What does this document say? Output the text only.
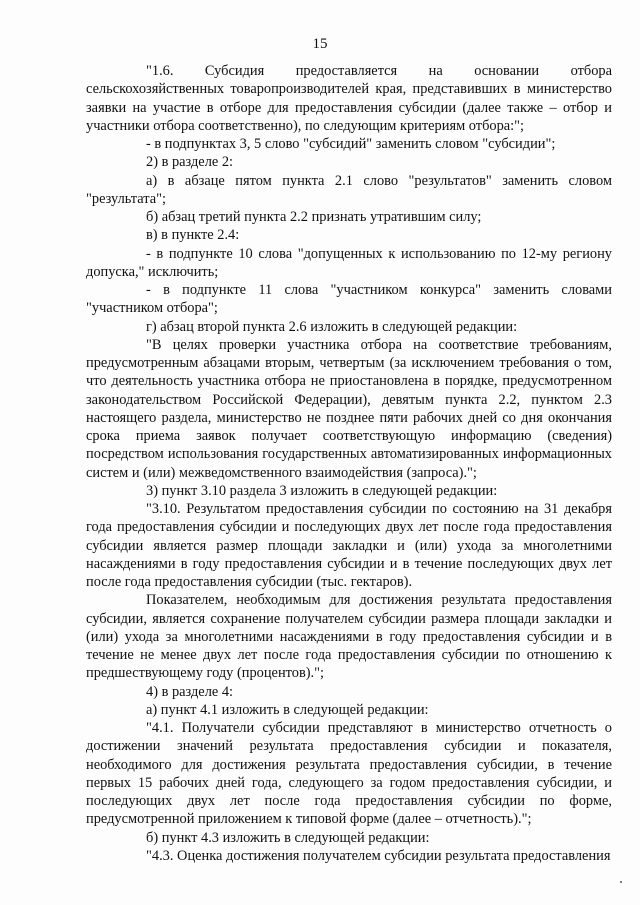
15

"1.6. Субсидия предоставляется на основании отбора сельскохозяйственных товаропроизводителей края, представивших в министерство заявки на участие в отборе для предоставления субсидии (далее также – отбор и участники отбора соответственно), по следующим критериям отбора:";

- в подпунктах 3, 5 слово "субсидий" заменить словом "субсидии";

2) в разделе 2:

а) в абзаце пятом пункта 2.1 слово "результатов" заменить словом "результата";

б) абзац третий пункта 2.2 признать утратившим силу;

в) в пункте 2.4:

- в подпункте 10 слова "допущенных к использованию по 12-му региону допуска," исключить;

- в подпункте 11 слова "участником конкурса" заменить словами "участником отбора";

г) абзац второй пункта 2.6 изложить в следующей редакции:

"В целях проверки участника отбора на соответствие требованиям, предусмотренным абзацами вторым, четвертым (за исключением требования о том, что деятельность участника отбора не приостановлена в порядке, предусмотренном законодательством Российской Федерации), девятым пункта 2.2, пунктом 2.3 настоящего раздела, министерство не позднее пяти рабочих дней со дня окончания срока приема заявок получает соответствующую информацию (сведения) посредством использования государственных автоматизированных информационных систем и (или) межведомственного взаимодействия (запроса).";

3) пункт 3.10 раздела 3 изложить в следующей редакции:

"3.10. Результатом предоставления субсидии по состоянию на 31 декабря года предоставления субсидии и последующих двух лет после года предоставления субсидии является размер площади закладки и (или) ухода за многолетними насаждениями в году предоставления субсидии и в течение последующих двух лет после года предоставления субсидии (тыс. гектаров).

Показателем, необходимым для достижения результата предоставления субсидии, является сохранение получателем субсидии размера площади закладки и (или) ухода за многолетними насаждениями в году предоставления субсидии и в течение не менее двух лет после года предоставления субсидии по отношению к предшествующему году (процентов).";

4) в разделе 4:

а) пункт 4.1 изложить в следующей редакции:

"4.1. Получатели субсидии представляют в министерство отчетность о достижении значений результата предоставления субсидии и показателя, необходимого для достижения результата предоставления субсидии, в течение первых 15 рабочих дней года, следующего за годом предоставления субсидии, и последующих двух лет после года предоставления субсидии по форме, предусмотренной приложением к типовой форме (далее – отчетность).";

б) пункт 4.3 изложить в следующей редакции:

"4.3. Оценка достижения получателем субсидии результата предоставления
